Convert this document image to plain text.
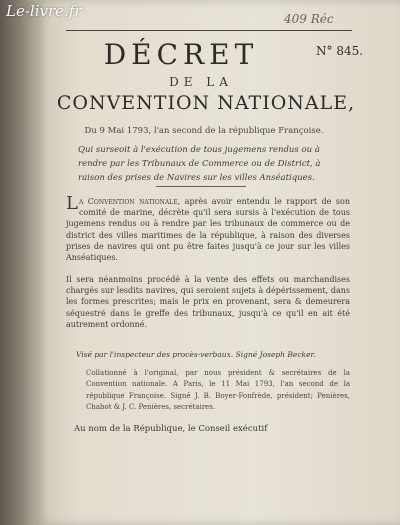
409 Réc
DÉCRET	N° 845.
DE LA
CONVENTION NATIONALE,
Du 9 Mai 1793, l'an second de la république Françoise.
Qui surseoit à l'exécution de tous jugemens rendus ou à rendre par les Tribunaux de Commerce ou de District, à raison des prises de Navires sur les villes Anséatiques.

La Convention nationale, après avoir entendu le rapport de son comité de marine, décrète qu'il sera sursis à l'exécution de tous jugemens rendus ou à rendre par les tribunaux de commerce ou de district des villes maritimes de la république, à raison des diverses prises de navires qui ont pu être faites jusqu'à ce jour sur les villes Anséatiques.

Il sera néanmoins procédé à la vente des effets ou marchandises chargés sur lesdits navires, qui seroient sujets à dépérissement, dans les formes prescrites; mais le prix en provenant, sera & demeurera séquestré dans le greffe des tribunaux, jusqu'à ce qu'il en ait été autrement ordonné.

Visé par l'inspecteur des procès-verbaux. Signé Joseph Becker.

Collationné à l'original, par nous président & secrétaires de la Convention nationale. A Paris, le 11 Mai 1793, l'an second de la république Françoise. Signé J. B. Boyer-Fonfrède, président; Penières, Chabot & J. C. Penières, secrétaires.

Au nom de la République, le Conseil exécutif
Le-livre.fr
